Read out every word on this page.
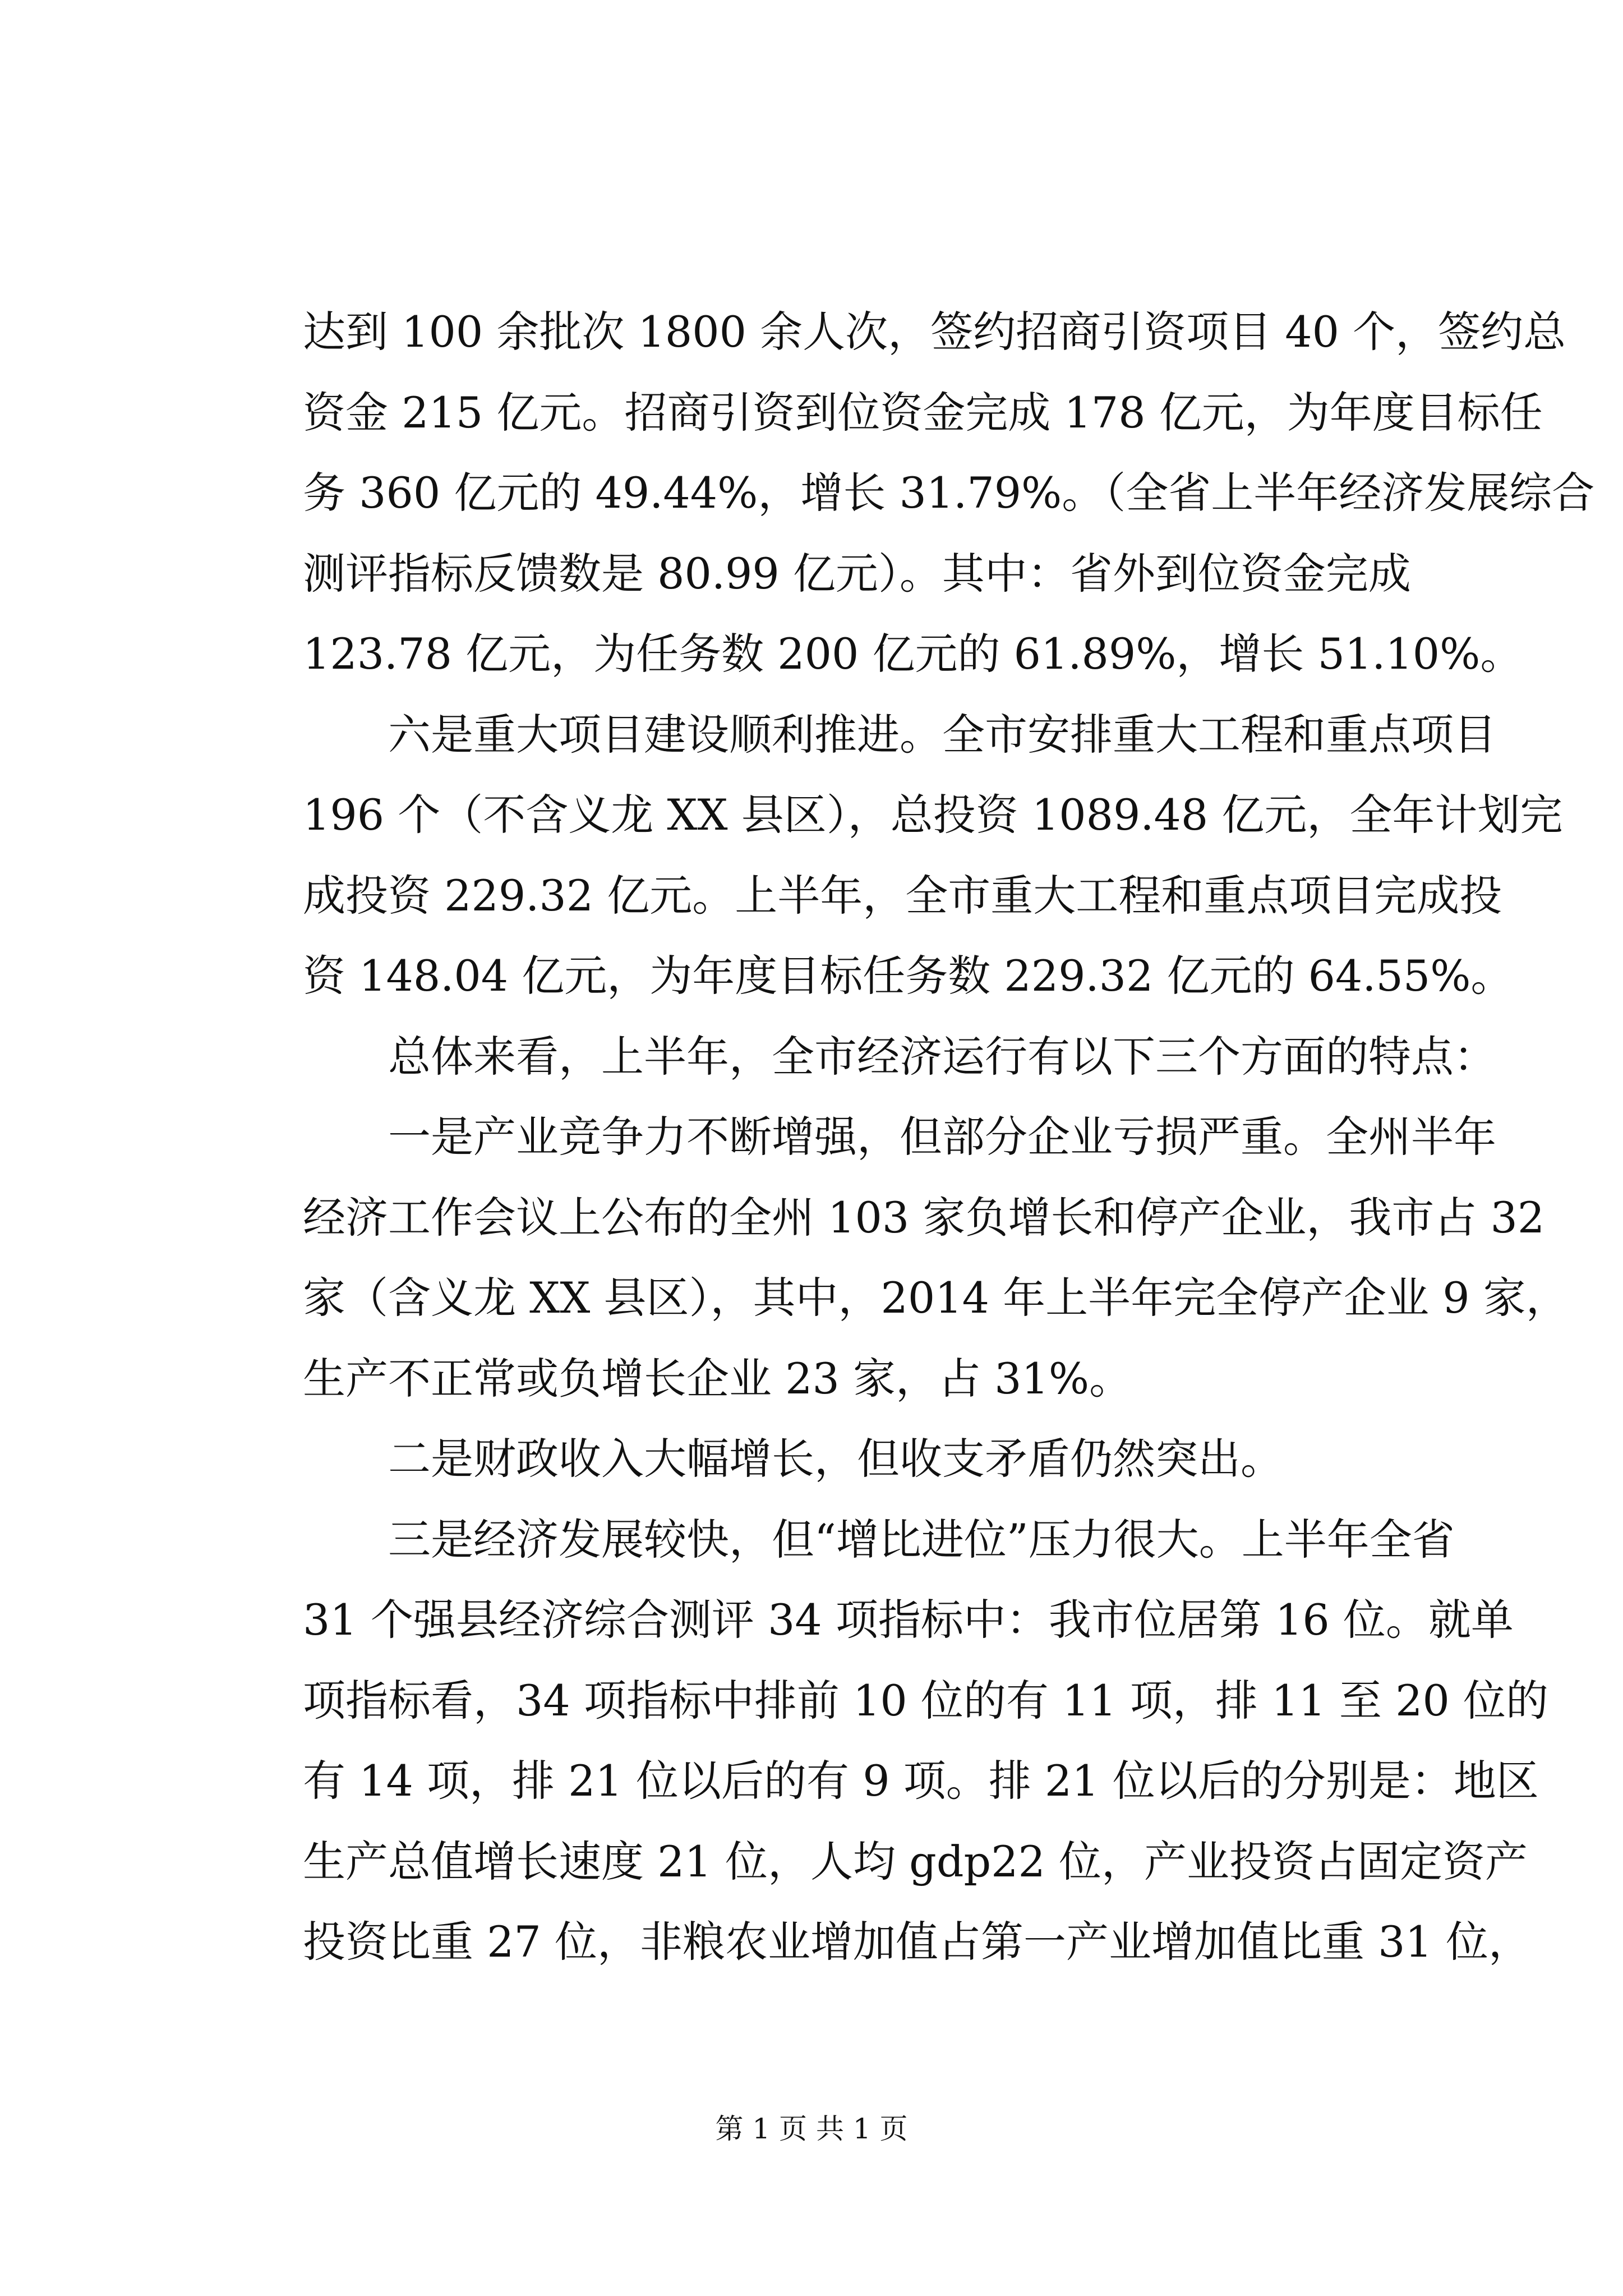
达到 100 余批次 1800 余人次，签约招商引资项目 40 个，签约总
资金 215 亿元。招商引资到位资金完成 178 亿元，为年度目标任
务 360 亿元的 49.44%，增长 31.79%。（全省上半年经济发展综合
测评指标反馈数是 80.99 亿元）。其中：省外到位资金完成
123.78 亿元，为任务数 200 亿元的 61.89%，增长 51.10%。
六是重大项目建设顺利推进。全市安排重大工程和重点项目
196 个（不含义龙 XX 县区），总投资 1089.48 亿元，全年计划完
成投资 229.32 亿元。上半年，全市重大工程和重点项目完成投
资 148.04 亿元，为年度目标任务数 229.32 亿元的 64.55%。
总体来看，上半年，全市经济运行有以下三个方面的特点：
一是产业竞争力不断增强，但部分企业亏损严重。全州半年
经济工作会议上公布的全州 103 家负增长和停产企业，我市占 32
家（含义龙 XX 县区），其中，2014 年上半年完全停产企业 9 家，
生产不正常或负增长企业 23 家，占 31%。
二是财政收入大幅增长，但收支矛盾仍然突出。
三是经济发展较快，但“增比进位”压力很大。上半年全省
31 个强县经济综合测评 34 项指标中：我市位居第 16 位。就单
项指标看，34 项指标中排前 10 位的有 11 项，排 11 至 20 位的
有 14 项，排 21 位以后的有 9 项。排 21 位以后的分别是：地区
生产总值增长速度 21 位，人均 gdp22 位，产业投资占固定资产
投资比重 27 位，非粮农业增加值占第一产业增加值比重 31 位，
第 1 页 共 1 页
